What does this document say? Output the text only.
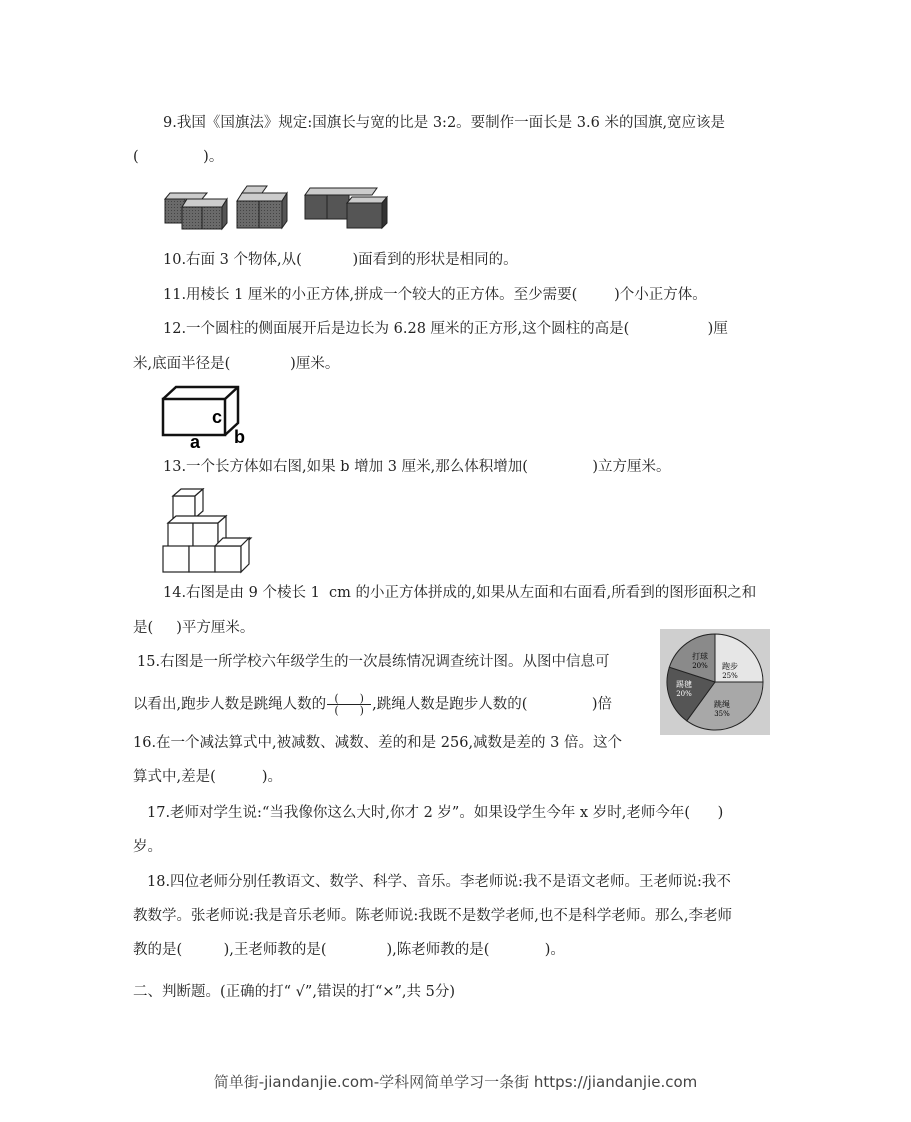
9.我国《国旗法》规定:国旗长与宽的比是 3:2。要制作一面长是 3.6 米的国旗,宽应该是
(              )。
10.右面 3 个物体,从(           )面看到的形状是相同的。
11.用棱长 1 厘米的小正方体,拼成一个较大的正方体。至少需要(        )个小正方体。
12.一个圆柱的侧面展开后是边长为 6.28 厘米的正方形,这个圆柱的高是(                 )厘
米,底面半径是(             )厘米。
c
a b
13.一个长方体如右图,如果 b 增加 3 厘米,那么体积增加(              )立方厘米。
14.右图是由 9 个棱长 1  cm 的小正方体拼成的,如果从左面和右面看,所看到的图形面积之和
是(     )平方厘米。
15.右图是一所学校六年级学生的一次晨练情况调查统计图。从图中信息可
以看出,跑步人数是跳绳人数的 $\frac{( )}{( )}$ ,跳绳人数是跑步人数的(              )倍
跑步
25%
跳绳
35%
踢毽
20%
打球
20%
16.在一个减法算式中,被减数、减数、差的和是 256,减数是差的 3 倍。这个
算式中,差是(          )。
17.老师对学生说:“当我像你这么大时,你才 2 岁”。如果设学生今年 x 岁时,老师今年(      )
岁。
18.四位老师分别任教语文、数学、科学、音乐。李老师说:我不是语文老师。王老师说:我不
教数学。张老师说:我是音乐老师。陈老师说:我既不是数学老师,也不是科学老师。那么,李老师
教的是(         ),王老师教的是(             ),陈老师教的是(            )。
二、判断题。(正确的打“ √”,错误的打“×”,共 5分)
简单街-jiandanjie.com-学科网简单学习一条街 https://jiandanjie.com
